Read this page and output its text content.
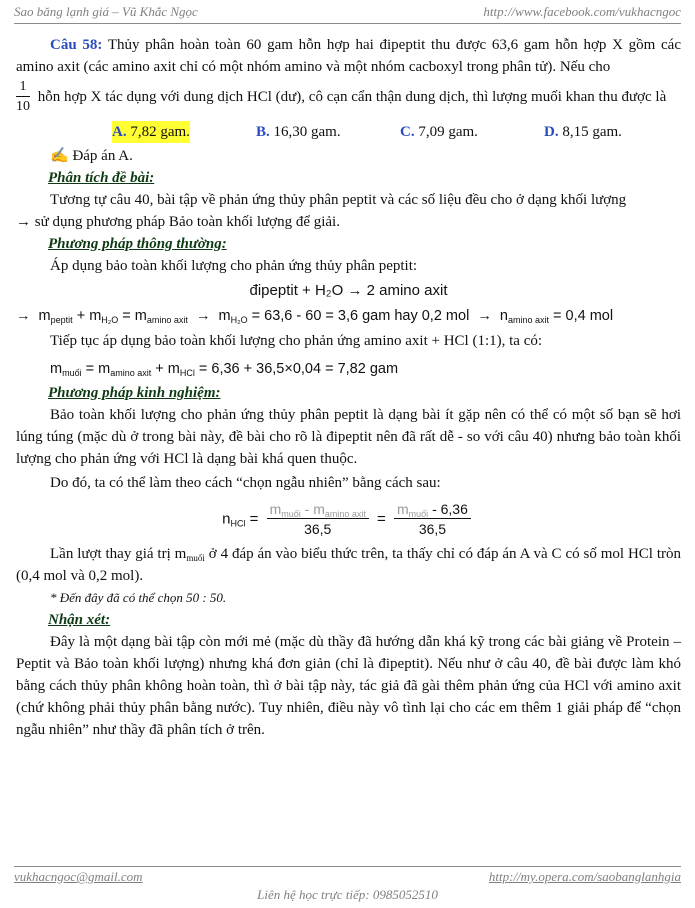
Sao băng lạnh giá – Vũ Khắc Ngọc	http://www.facebook.com/vukhacngoc

Câu 58: Thủy phân hoàn toàn 60 gam hỗn hợp hai đipeptit thu được 63,6 gam hỗn hợp X gồm các amino axit (các amino axit chỉ có một nhóm amino và một nhóm cacboxyl trong phân tử). Nếu cho

$\frac{1}{10}$ hỗn hợp X tác dụng với dung dịch HCl (dư), cô cạn cẩn thận dung dịch, thì lượng muối khan thu được là

A. 7,82 gam.	B. 16,30 gam.	C. 7,09 gam.	D. 8,15 gam.

✍ Đáp án A.

Phân tích đề bài:

Tương tự câu 40, bài tập về phản ứng thủy phân peptit và các số liệu đều cho ở dạng khối lượng

→ sử dụng phương pháp Bảo toàn khối lượng để giải.

Phương pháp thông thường:

Áp dụng bảo toàn khối lượng cho phản ứng thủy phân peptit:

đipeptit + H₂O → 2 amino axit
→  $m_{peptit} + m_{H_2O} = m_{amino axit} \to m_{H_2O} = 63,6 - 60 = 3,6$ gam hay 0,2 mol  →  $n_{amino axit} = 0,4$ mol

Tiếp tục áp dụng bảo toàn khối lượng cho phản ứng amino axit + HCl (1:1), ta có:

$m_{muối} = m_{amino axit} + m_{HCl} = 6,36 + 36,5\times 0,04 = 7,82$ gam
Phương pháp kinh nghiệm:

Bảo toàn khối lượng cho phản ứng thủy phân peptit là dạng bài ít gặp nên có thể có một số bạn sẽ hơi lúng túng (mặc dù ở trong bài này, đề bài cho rõ là đipeptit nên đã rất dễ - so với câu 40) nhưng bảo toàn khối lượng cho phản ứng với HCl là dạng bài khá quen thuộc.

Do đó, ta có thể làm theo cách “chọn ngẫu nhiên” bằng cách sau:

$n_{HCl} = \frac{m_{muối} - m_{amino axit}}{36,5} = \frac{m_{muối} - 6,36}{36,5}$

Lần lượt thay giá trị $m_{muối}$ ở 4 đáp án vào biểu thức trên, ta thấy chỉ có đáp án A và C có số mol HCl tròn (0,4 mol và 0,2 mol).

* Đến đây đã có thể chọn 50 : 50.

Nhận xét:

Đây là một dạng bài tập còn mới mẻ (mặc dù thầy đã hướng dẫn khá kỹ trong các bài giảng về Protein – Peptit và Bảo toàn khối lượng) nhưng khá đơn giản (chỉ là đipeptit). Nếu như ở câu 40, đề bài được làm khó bằng cách thủy phân không hoàn toàn, thì ở bài tập này, tác giả đã gài thêm phản ứng của HCl với amino axit (chứ không phải thủy phân bằng nước). Tuy nhiên, điều này vô tình lại cho các em thêm 1 giải pháp để “chọn ngẫu nhiên” như thầy đã phân tích ở trên.

vukhacngoc@gmail.com	http://my.opera.com/saobanglanhgia
Liên hệ học trực tiếp: 0985052510
